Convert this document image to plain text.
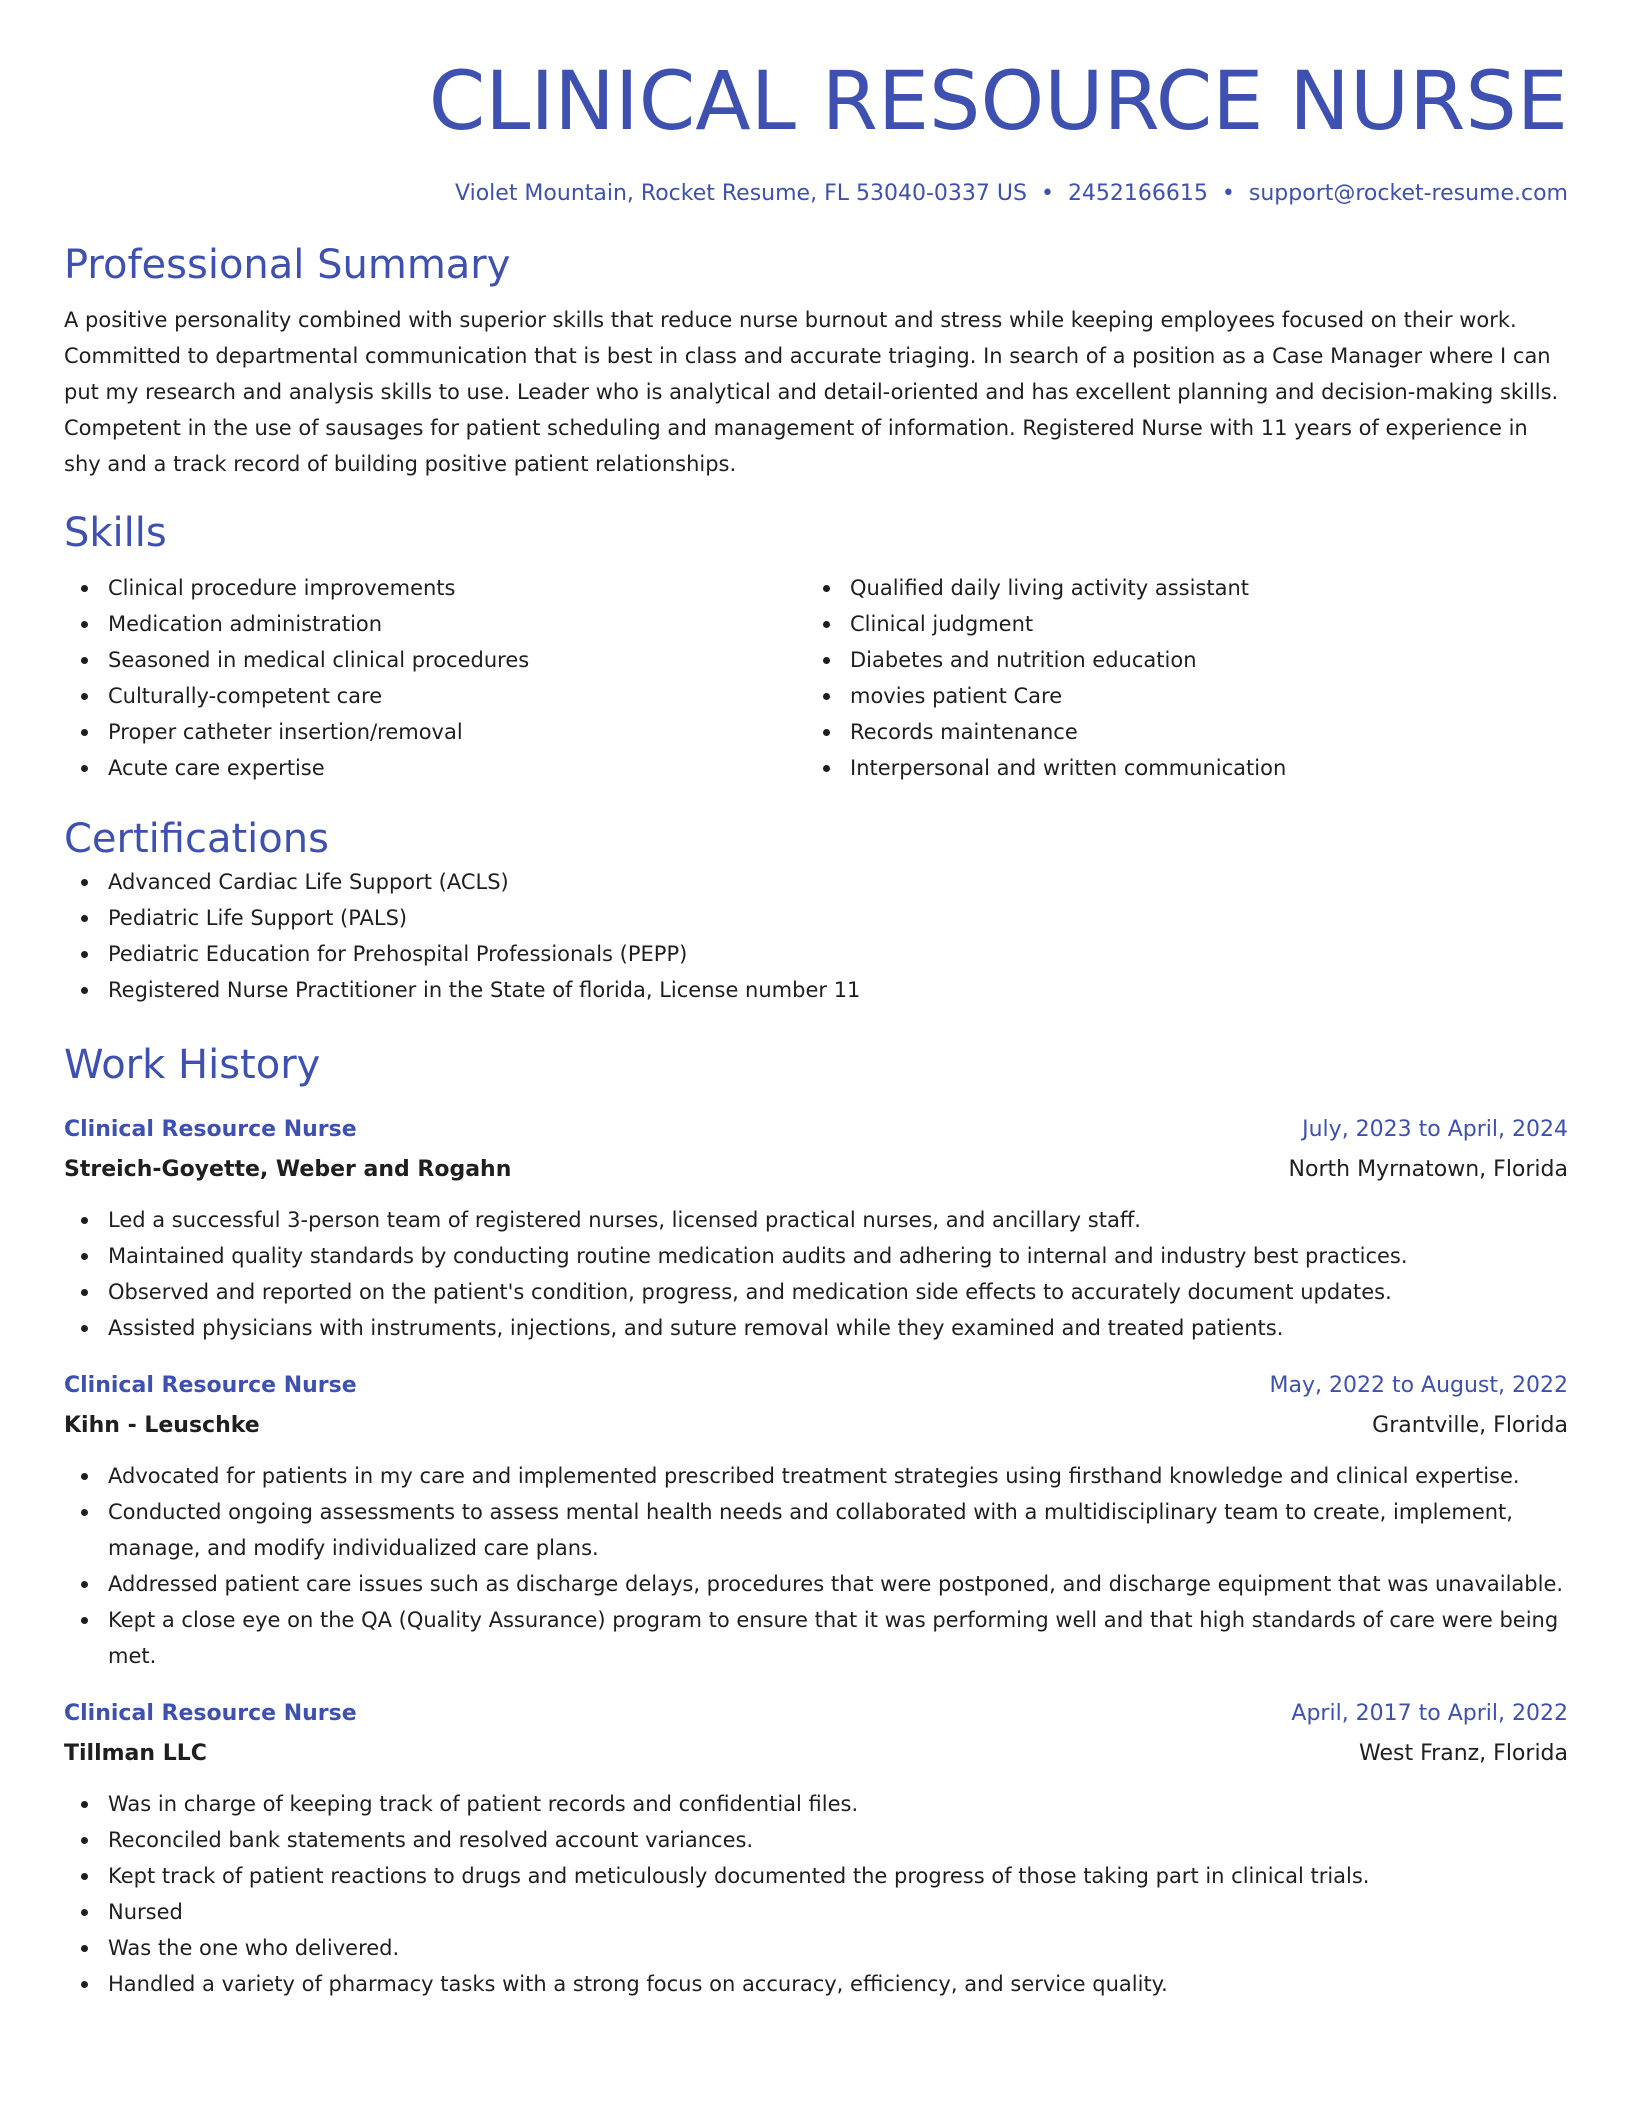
CLINICAL RESOURCE NURSE
Violet Mountain, Rocket Resume, FL 53040-0337 US • 2452166615 • support@rocket-resume.com
Professional Summary
A positive personality combined with superior skills that reduce nurse burnout and stress while keeping employees focused on their work. Committed to departmental communication that is best in class and accurate triaging. In search of a position as a Case Manager where I can put my research and analysis skills to use. Leader who is analytical and detail-oriented and has excellent planning and decision-making skills. Competent in the use of sausages for patient scheduling and management of information. Registered Nurse with 11 years of experience in shy and a track record of building positive patient relationships.
Skills
Clinical procedure improvements
Medication administration
Seasoned in medical clinical procedures
Culturally-competent care
Proper catheter insertion/removal
Acute care expertise
Qualified daily living activity assistant
Clinical judgment
Diabetes and nutrition education
movies patient Care
Records maintenance
Interpersonal and written communication
Certifications
Advanced Cardiac Life Support (ACLS)
Pediatric Life Support (PALS)
Pediatric Education for Prehospital Professionals (PEPP)
Registered Nurse Practitioner in the State of florida, License number 11
Work History
Clinical Resource Nurse	July, 2023 to April, 2024
Streich-Goyette, Weber and Rogahn	North Myrnatown, Florida
Led a successful 3-person team of registered nurses, licensed practical nurses, and ancillary staff.
Maintained quality standards by conducting routine medication audits and adhering to internal and industry best practices.
Observed and reported on the patient's condition, progress, and medication side effects to accurately document updates.
Assisted physicians with instruments, injections, and suture removal while they examined and treated patients.
Clinical Resource Nurse	May, 2022 to August, 2022
Kihn - Leuschke	Grantville, Florida
Advocated for patients in my care and implemented prescribed treatment strategies using firsthand knowledge and clinical expertise.
Conducted ongoing assessments to assess mental health needs and collaborated with a multidisciplinary team to create, implement, manage, and modify individualized care plans.
Addressed patient care issues such as discharge delays, procedures that were postponed, and discharge equipment that was unavailable.
Kept a close eye on the QA (Quality Assurance) program to ensure that it was performing well and that high standards of care were being met.
Clinical Resource Nurse	April, 2017 to April, 2022
Tillman LLC	West Franz, Florida
Was in charge of keeping track of patient records and confidential files.
Reconciled bank statements and resolved account variances.
Kept track of patient reactions to drugs and meticulously documented the progress of those taking part in clinical trials.
Nursed
Was the one who delivered.
Handled a variety of pharmacy tasks with a strong focus on accuracy, efficiency, and service quality.
